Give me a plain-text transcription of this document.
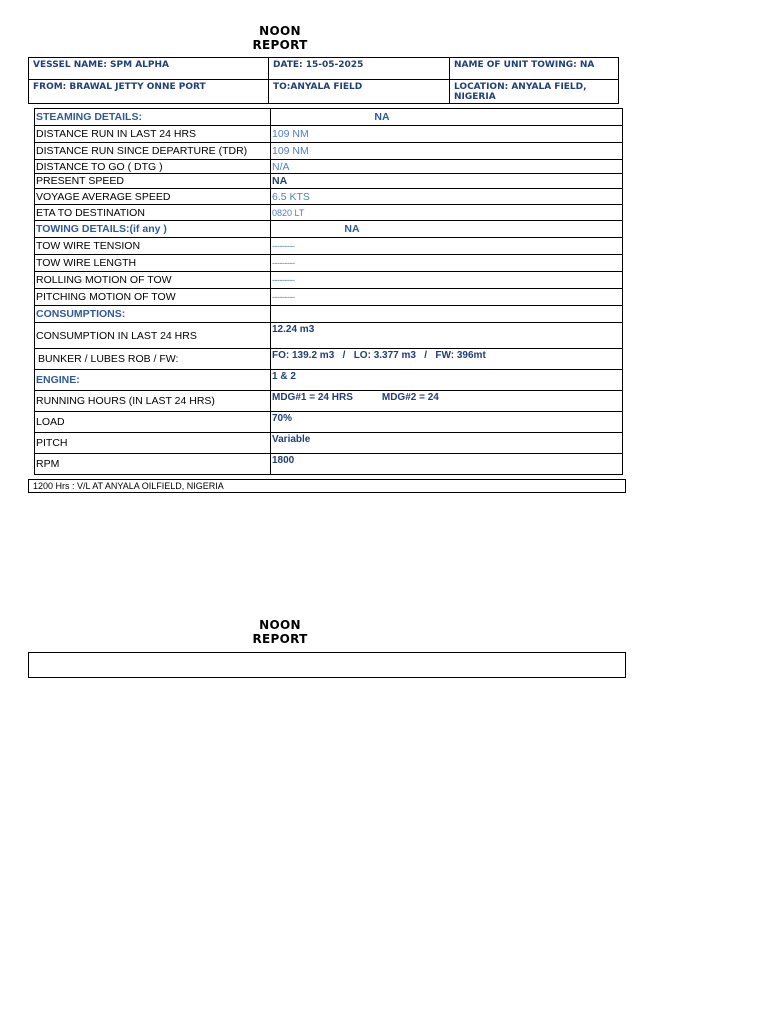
NOON REPORT
VESSEL NAME: SPM ALPHA	DATE: 15-05-2025	NAME OF UNIT TOWING: NA
FROM: BRAWAL JETTY ONNE PORT	TO:ANYALA FIELD	LOCATION: ANYALA FIELD, NIGERIA
STEAMING DETAILS:	NA
DISTANCE RUN IN LAST 24 HRS	109 NM
DISTANCE RUN SINCE DEPARTURE (TDR)	109 NM
DISTANCE TO GO ( DTG )	N/A
PRESENT SPEED	NA
VOYAGE AVERAGE SPEED	6.5 KTS
ETA TO DESTINATION	0820 LT
TOWING DETAILS:(if any )	NA
TOW WIRE TENSION	---------
TOW WIRE LENGTH	---------
ROLLING MOTION OF TOW	---------
PITCHING MOTION OF TOW	---------
CONSUMPTIONS:	
CONSUMPTION IN LAST 24 HRS	12.24 m3
BUNKER / LUBES ROB / FW:	FO: 139.2 m3   /   LO: 3.377 m3   /   FW: 396mt
ENGINE:	1 & 2
RUNNING HOURS (IN LAST 24 HRS)	MDG#1 = 24 HRS MDG#2 = 24
LOAD	70%
PITCH	Variable
RPM	1800
1200 Hrs : V/L AT ANYALA OILFIELD, NIGERIA
NOON REPORT
